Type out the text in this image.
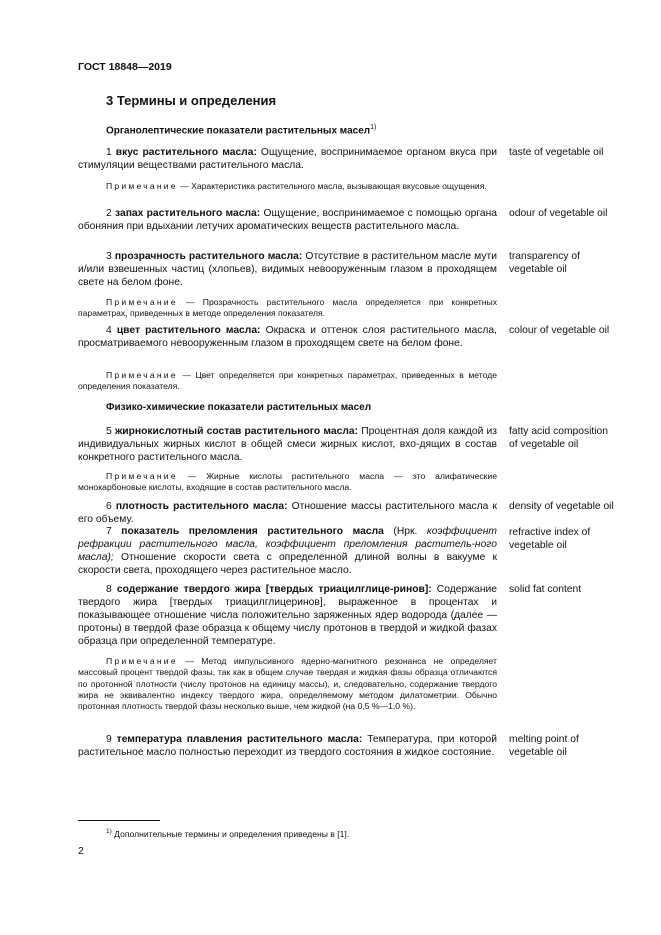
ГОСТ 18848—2019
3 Термины и определения
Органолептические показатели растительных масел$^{1)}$
1 вкус растительного масла: Ощущение, воспринимаемое органом вкуса при стимуляции веществами растительного масла.
taste of vegetable oil
Примечание — Характеристика растительного масла, вызывающая вкусовые ощущения.
2 запах растительного масла: Ощущение, воспринимаемое с помощью органа обоняния при вдыхании летучих ароматических веществ растительного масла.
odour of vegetable oil
3 прозрачность растительного масла: Отсутствие в растительном масле мути и/или взвешенных частиц (хлопьев), видимых невооруженным глазом в проходящем свете на белом фоне.
transparency of vegetable oil
Примечание — Прозрачность растительного масла определяется при конкретных параметрах, приведенных в методе определения показателя.
4 цвет растительного масла: Окраска и оттенок слоя растительного масла, просматриваемого невооруженным глазом в проходящем свете на белом фоне.
colour of vegetable oil
Примечание — Цвет определяется при конкретных параметрах, приведенных в методе определения показателя.
Физико-химические показатели растительных масел
5 жирнокислотный состав растительного масла: Процентная доля каждой из индивидуальных жирных кислот в общей смеси жирных кислот, вхо-дящих в состав конкретного растительного масла.
fatty acid composition of vegetable oil
Примечание — Жирные кислоты растительного масла — это алифатические монокарбоновые кислоты, входящие в состав растительного масла.
6 плотность растительного масла: Отношение массы растительного масла к его объему.
density of vegetable oil
7 показатель преломления растительного масла (Нрк. коэффициент рефракции растительного масла, коэффициент преломления раститель-ного масла); Отношение скорости света с определенной длиной волны в вакууме к скорости света, проходящего через растительное масло.
refractive index of vegetable oil
8 содержание твердого жира [твердых триацилглице-ринов]: Содержание твердого жира [твердых триацилглицеринов], выраженное в процентах и показывающее отношение числа положительно заряженных ядер водорода (далее — протоны) в твердой фазе образца к общему числу протонов в твердой и жидкой фазах образца при определенной температуре.
solid fat content
Примечание — Метод импульсивного ядерно-магнитного резонанса не определяет массовый процент твердой фазы, так как в общем случае твердая и жидкая фазы образца отличаются по протонной плотности (числу протонов на единицу массы), и, следовательно, содержание твердого жира не эквивалентно индексу твердого жира, определяемому методом дилатометрии. Обычно протонная плотность твердой фазы несколько выше, чем жидкой (на 0,5 %—1,0 %).
9 температура плавления растительного масла: Температура, при которой растительное масло полностью переходит из твердого состояния в жидкое состояние.
melting point of vegetable oil
$^{1)}$ Дополнительные термины и определения приведены в [1].
2
